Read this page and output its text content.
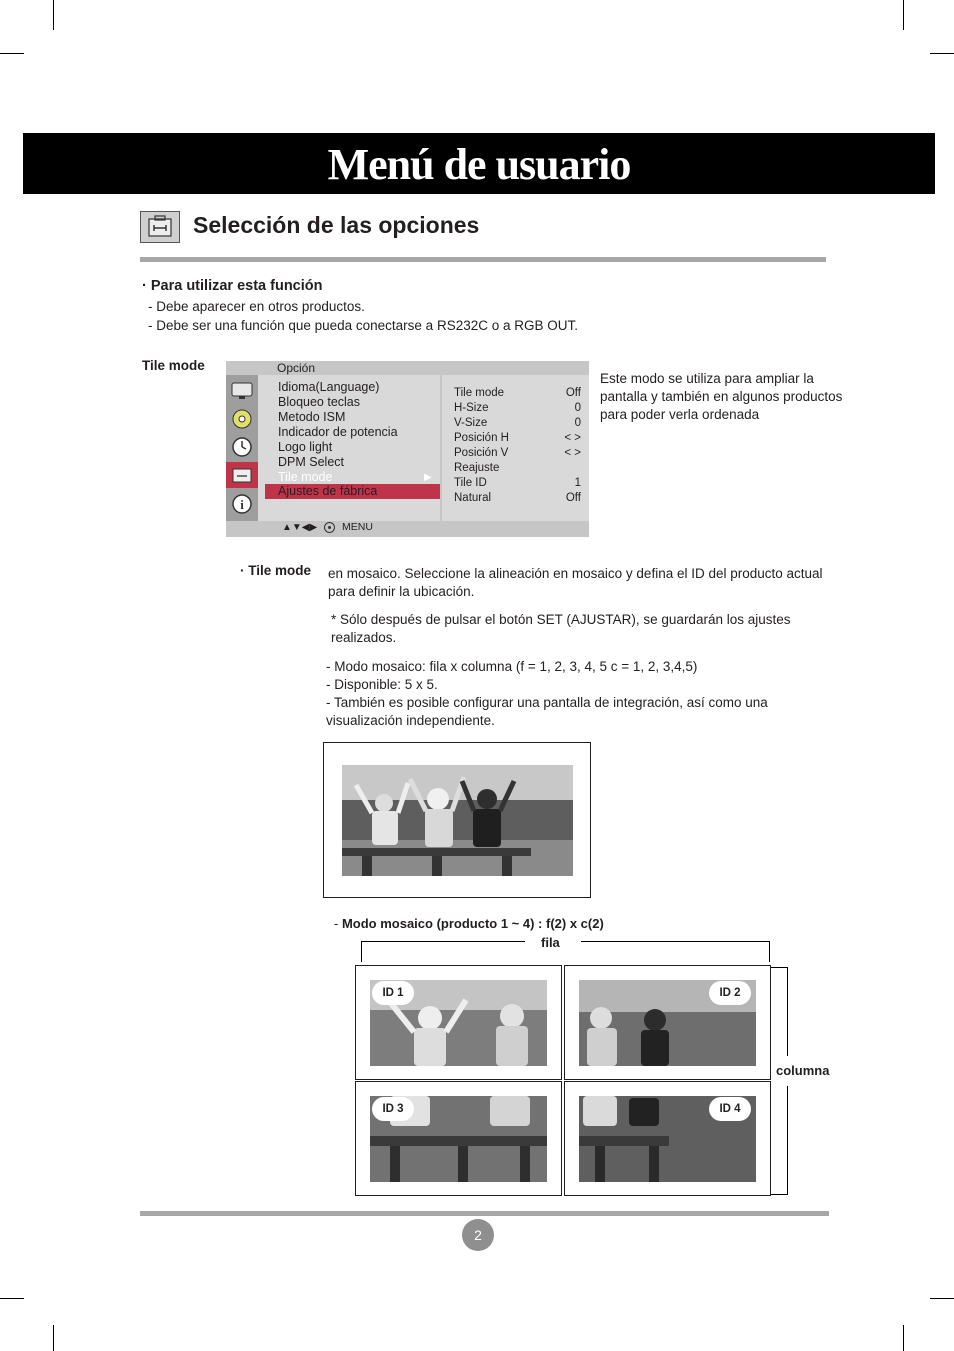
Menú de usuario
Selección de las opciones
· Para utilizar esta función
- Debe aparecer en otros productos.
- Debe ser una función que pueda conectarse a RS232C o a RGB OUT.
Tile mode	Opción
i
Idioma(Language)
Bloqueo teclas
Metodo ISM
Indicador de potencia
Logo light
DPM Select
Tile mode	▶
Ajustes de fábrica
Tile mode	Off
H-Size	0
V-Size	0
Posición H	< >
Posición V	< >
Reajuste
Tile ID	1
Natural	Off
▲▼◀▶ MENU
Este modo se utiliza para ampliar la pantalla y también en algunos productos para poder verla ordenada
· Tile mode en mosaico. Seleccione la alineación en mosaico y defina el ID del producto actual para definir la ubicación.
* Sólo después de pulsar el botón SET (AJUSTAR), se guardarán los ajustes realizados.
- Modo mosaico: fila x columna (f = 1, 2, 3, 4, 5 c = 1, 2, 3,4,5)
- Disponible: 5 x 5.
- También es posible configurar una pantalla de integración, así como una visualización independiente.
- Modo mosaico (producto 1 ~ 4) : f(2) x c(2)
fila
columna
ID 1	ID 2
ID 3	ID 4
2
